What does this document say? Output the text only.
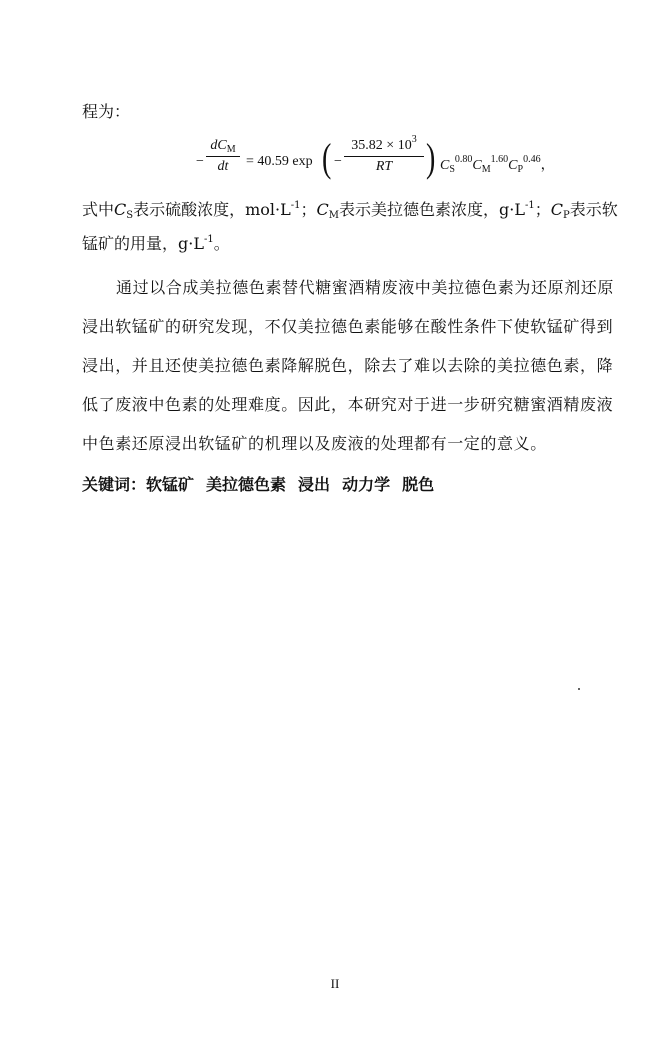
程为：
−
$dC_M$
dt	= 40.59 exp ( −
$35.82 \times 10^3$
RT ) $C_S^{0.80}C_M^{1.60}C_P^{0.46}$，
式中$C_S$表示硫酸浓度，$mol\cdot L^{-1}$；$C_M$表示美拉德色素浓度，$g\cdot L^{-1}$；$C_P$表示软
锰矿的用量，$g\cdot L^{-1}$。
通过以合成美拉德色素替代糖蜜酒精废液中美拉德色素为还原剂还原
浸出软锰矿的研究发现，不仅美拉德色素能够在酸性条件下使软锰矿得到
浸出，并且还使美拉德色素降解脱色，除去了难以去除的美拉德色素，降
低了废液中色素的处理难度。因此，本研究对于进一步研究糖蜜酒精废液
中色素还原浸出软锰矿的机理以及废液的处理都有一定的意义。
关键词：软锰矿 美拉德色素 浸出 动力学 脱色
II
